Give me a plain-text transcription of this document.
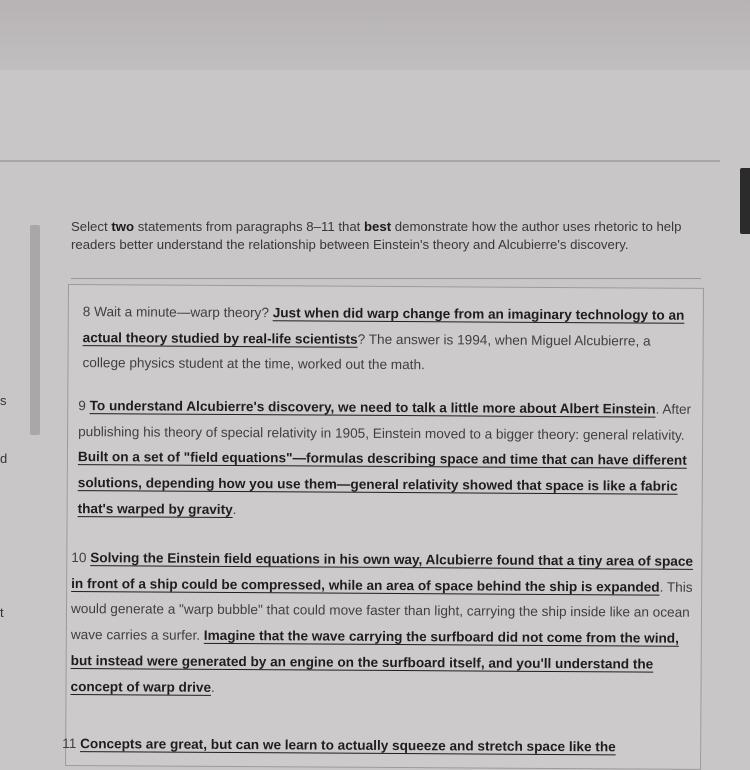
s
d
t
Select two statements from paragraphs 8–11 that best demonstrate how the author uses rhetoric to help readers better understand the relationship between Einstein's theory and Alcubierre's discovery.
8 Wait a minute—warp theory? Just when did warp change from an imaginary technology to an actual theory studied by real-life scientists? The answer is 1994, when Miguel Alcubierre, a college physics student at the time, worked out the math.
9 To understand Alcubierre's discovery, we need to talk a little more about Albert Einstein. After publishing his theory of special relativity in 1905, Einstein moved to a bigger theory: general relativity. Built on a set of "field equations"—formulas describing space and time that can have different solutions, depending how you use them—general relativity showed that space is like a fabric that's warped by gravity.
10 Solving the Einstein field equations in his own way, Alcubierre found that a tiny area of space in front of a ship could be compressed, while an area of space behind the ship is expanded. This would generate a "warp bubble" that could move faster than light, carrying the ship inside like an ocean wave carries a surfer. Imagine that the wave carrying the surfboard did not come from the wind, but instead were generated by an engine on the surfboard itself, and you'll understand the concept of warp drive.
11 Concepts are great, but can we learn to actually squeeze and stretch space like the
